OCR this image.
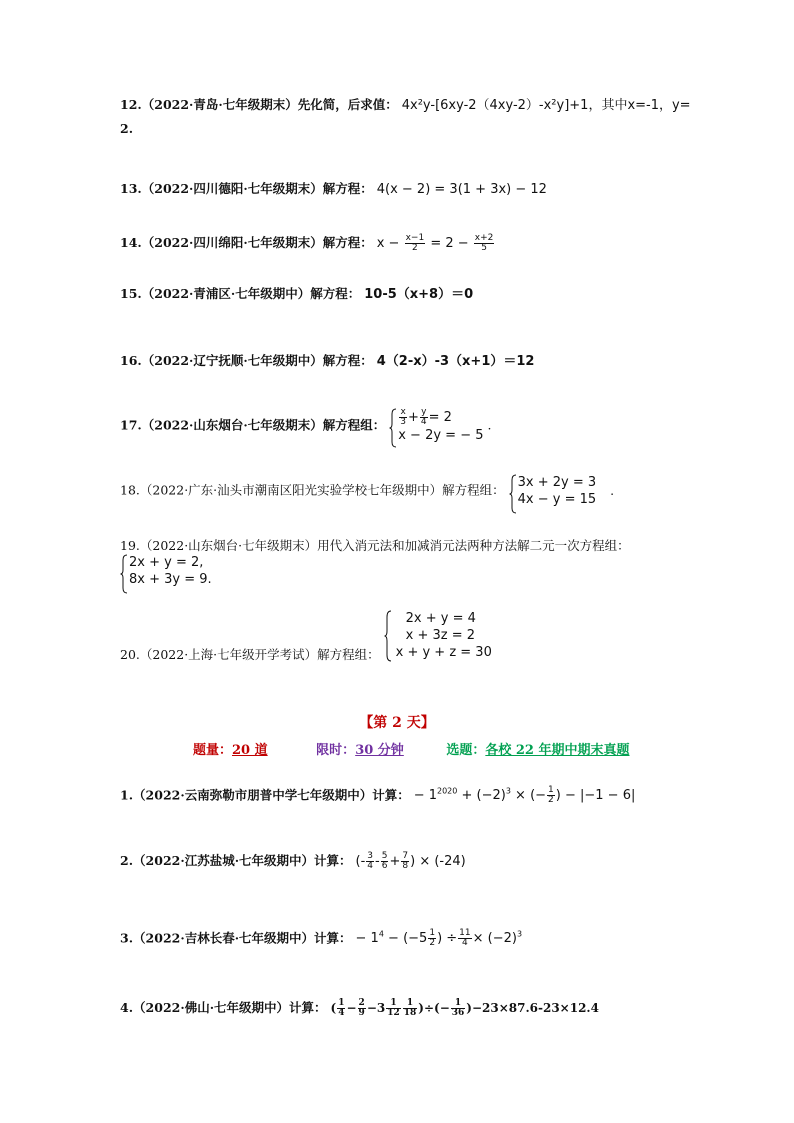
12.（2022·青岛·七年级期末）先化简，后求值： 4x²y-[6xy-2（4xy-2）-x²y]+1，其中x=-1，y=
2.
13.（2022·四川德阳·七年级期末）解方程： 4(x − 2) = 3(1 + 3x) − 12
14.（2022·四川绵阳·七年级期末）解方程： $x - \frac{x-1}{2} = 2 - \frac{x+2}{5}$
15.（2022·青浦区·七年级期中）解方程： 10-5（x+8）＝0
16.（2022·辽宁抚顺·七年级期中）解方程： 4（2-x）-3（x+1）＝12
17.（2022·山东烟台·七年级期末）解方程组： $\frac{x}{3} + \frac{y}{4} = 2$
x − 2y = − 5
.
18.（2022·广东·汕头市潮南区阳光实验学校七年级期中）解方程组： 3x + 2y = 3
4x − y = 15
.
19.（2022·山东烟台·七年级期末）用代入消元法和加减消元法两种方法解二元一次方程组：
2x + y = 2,
8x + 3y = 9.
20.（2022·上海·七年级开学考试）解方程组：
2x + y = 4
x + 3z = 2
x + y + z = 30
【第 2 天】
题量：20 道	限时：30 分钟	选题：各校 22 年期中期末真题
1.（2022·云南弥勒市朋普中学七年级期中）计算： − $1^{2020} + (-2)^3$ × (− $\frac{1}{2}$ ) − |−1 − 6|
2.（2022·江苏盐城·七年级期中）计算： (- $\frac{3}{4} - \frac{5}{6} + \frac{7}{8}$ ) × (-24)
3.（2022·吉林长春·七年级期中）计算： − $1^4 - (-5 \frac{1}{2}$ ) ÷ $\frac{11}{4} \times (-2)^3$
4.（2022·佛山·七年级期中）计算： ( $\frac{1}{4} - \frac{2}{9} -3 \frac{1}{12} \frac{1}{18}$ )÷(− $\frac{1}{36} )-23\times 87.6-23\times 12.4$
